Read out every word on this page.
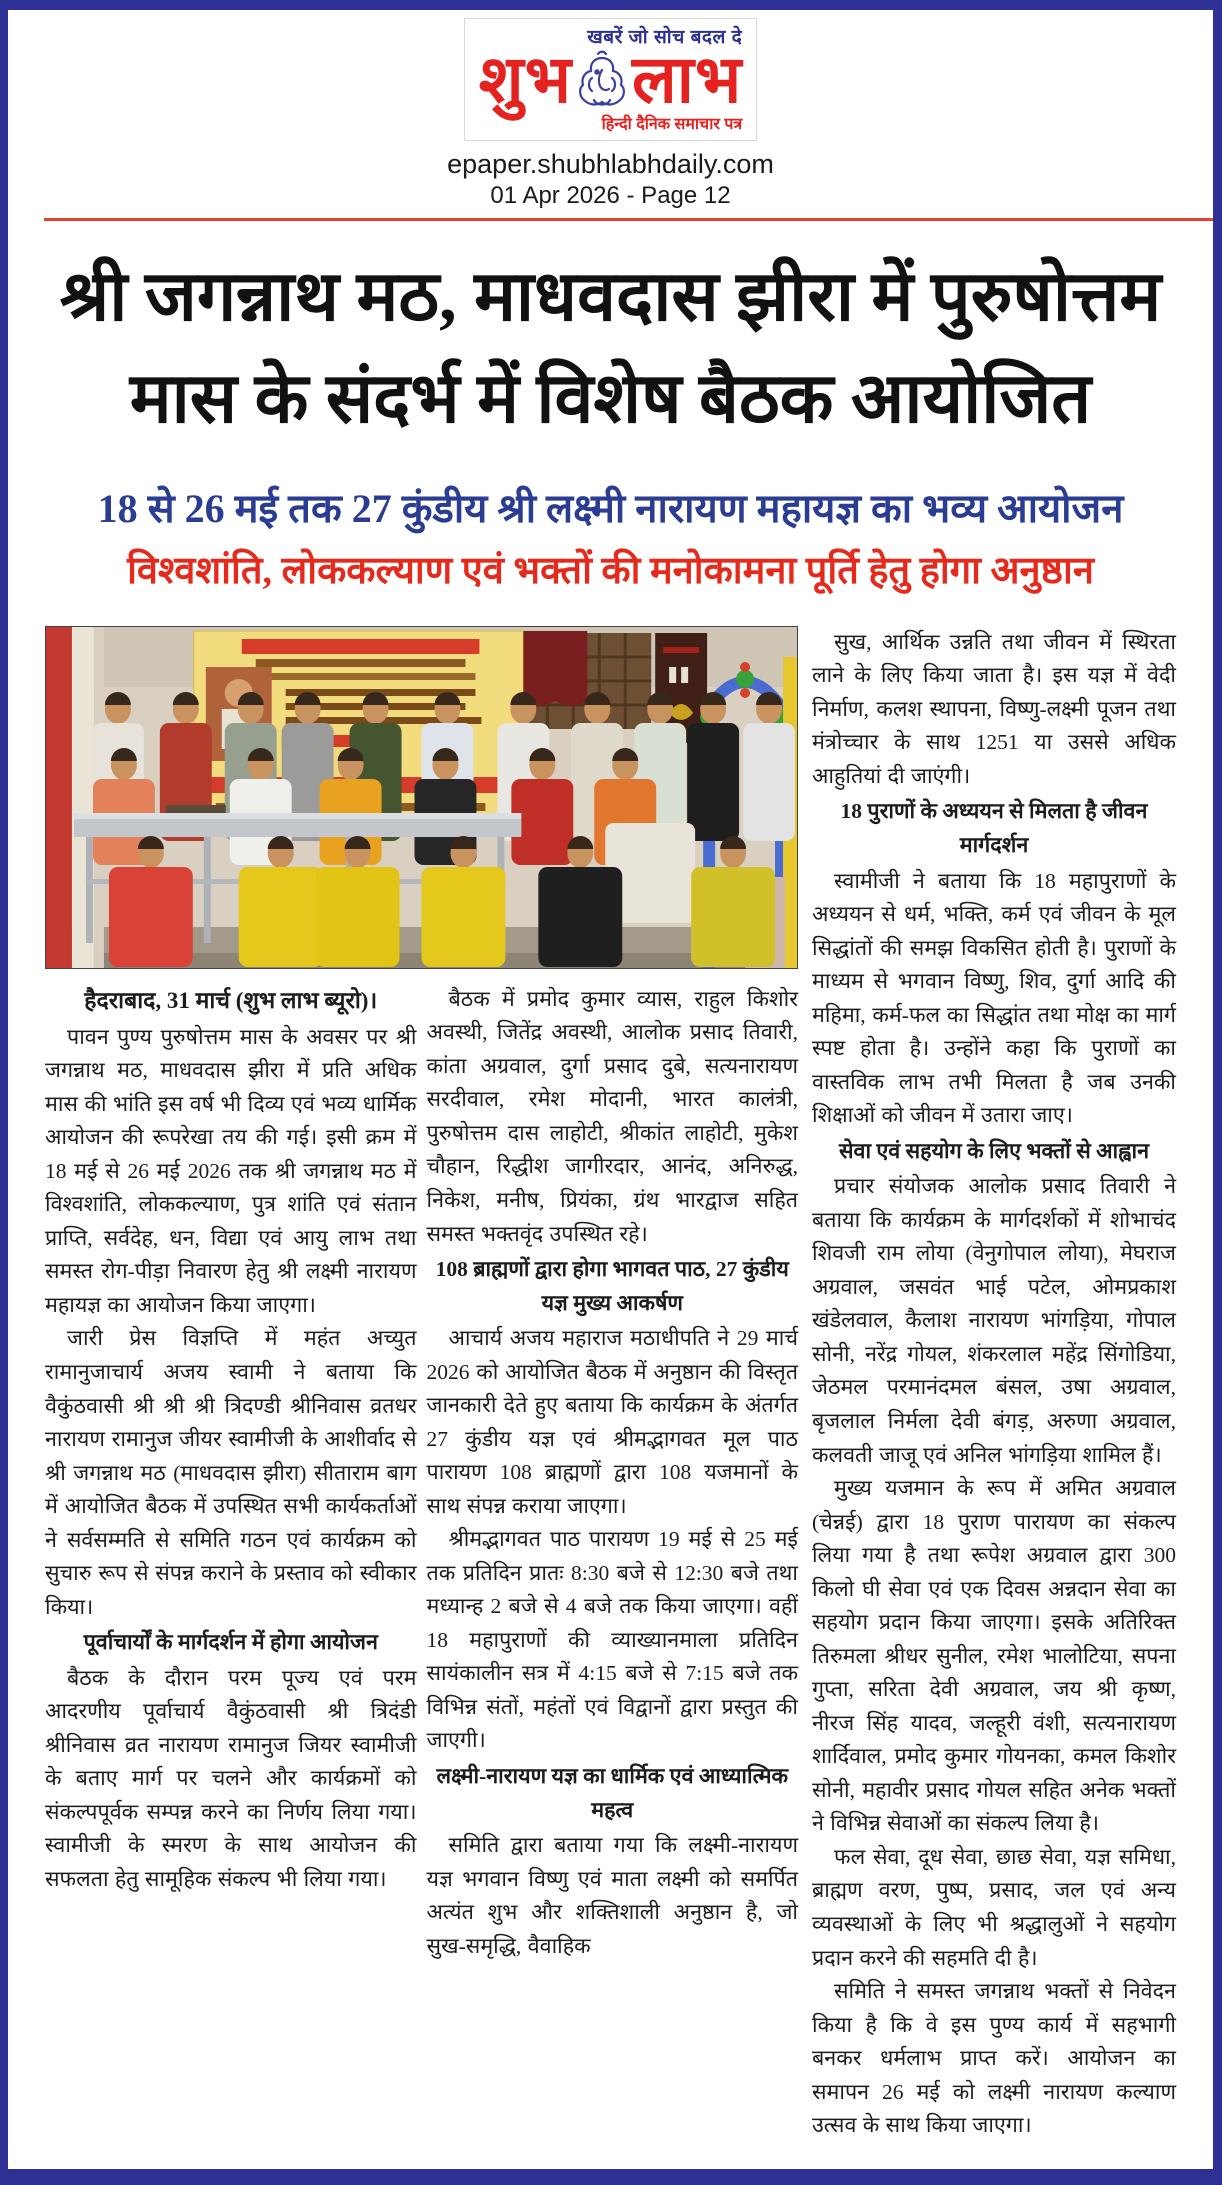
खबरें जो सोच बदल दे
शुभ लाभ
हिन्दी दैनिक समाचार पत्र
epaper.shubhlabhdaily.com
01 Apr 2026 - Page 12
श्री जगन्नाथ मठ, माधवदास झीरा में पुरुषोत्तम
मास के संदर्भ में विशेष बैठक आयोजित
18 से 26 मई तक 27 कुंडीय श्री लक्ष्मी नारायण महायज्ञ का भव्य आयोजन
विश्वशांति, लोककल्याण एवं भक्तों की मनोकामना पूर्ति हेतु होगा अनुष्ठान
हैदराबाद, 31 मार्च (शुभ लाभ ब्यूरो)।
पावन पुण्य पुरुषोत्तम मास के अवसर पर श्री जगन्नाथ मठ, माधवदास झीरा में प्रति अधिक मास की भांति इस वर्ष भी दिव्य एवं भव्य धार्मिक आयोजन की रूपरेखा तय की गई। इसी क्रम में 18 मई से 26 मई 2026 तक श्री जगन्नाथ मठ में विश्वशांति, लोककल्याण, पुत्र शांति एवं संतान प्राप्ति, सर्वदेह, धन, विद्या एवं आयु लाभ तथा समस्त रोग-पीड़ा निवारण हेतु श्री लक्ष्मी नारायण महायज्ञ का आयोजन किया जाएगा।
जारी प्रेस विज्ञप्ति में महंत अच्युत रामानुजाचार्य अजय स्वामी ने बताया कि वैकुंठवासी श्री श्री श्री त्रिदण्डी श्रीनिवास व्रतधर नारायण रामानुज जीयर स्वामीजी के आशीर्वाद से श्री जगन्नाथ मठ (माधवदास झीरा) सीताराम बाग में आयोजित बैठक में उपस्थित सभी कार्यकर्ताओं ने सर्वसम्मति से समिति गठन एवं कार्यक्रम को सुचारु रूप से संपन्न कराने के प्रस्ताव को स्वीकार किया।
पूर्वाचार्यों के मार्गदर्शन में होगा आयोजन
बैठक के दौरान परम पूज्य एवं परम आदरणीय पूर्वाचार्य वैकुंठवासी श्री त्रिदंडी श्रीनिवास व्रत नारायण रामानुज जियर स्वामीजी के बताए मार्ग पर चलने और कार्यक्रमों को संकल्पपूर्वक सम्पन्न करने का निर्णय लिया गया। स्वामीजी के स्मरण के साथ आयोजन की सफलता हेतु सामूहिक संकल्प भी लिया गया।
बैठक में प्रमोद कुमार व्यास, राहुल किशोर अवस्थी, जितेंद्र अवस्थी, आलोक प्रसाद तिवारी, कांता अग्रवाल, दुर्गा प्रसाद दुबे, सत्यनारायण सरदीवाल, रमेश मोदानी, भारत कालंत्री, पुरुषोत्तम दास लाहोटी, श्रीकांत लाहोटी, मुकेश चौहान, रिद्धीश जागीरदार, आनंद, अनिरुद्ध, निकेश, मनीष, प्रियंका, ग्रंथ भारद्वाज सहित समस्त भक्तवृंद उपस्थित रहे।
108 ब्राह्मणों द्वारा होगा भागवत पाठ, 27 कुंडीय यज्ञ मुख्य आकर्षण
आचार्य अजय महाराज मठाधीपति ने 29 मार्च 2026 को आयोजित बैठक में अनुष्ठान की विस्तृत जानकारी देते हुए बताया कि कार्यक्रम के अंतर्गत 27 कुंडीय यज्ञ एवं श्रीमद्भागवत मूल पाठ पारायण 108 ब्राह्मणों द्वारा 108 यजमानों के साथ संपन्न कराया जाएगा।
श्रीमद्भागवत पाठ पारायण 19 मई से 25 मई तक प्रतिदिन प्रातः 8:30 बजे से 12:30 बजे तथा मध्यान्ह 2 बजे से 4 बजे तक किया जाएगा। वहीं 18 महापुराणों की व्याख्यानमाला प्रतिदिन सायंकालीन सत्र में 4:15 बजे से 7:15 बजे तक विभिन्न संतों, महंतों एवं विद्वानों द्वारा प्रस्तुत की जाएगी।
लक्ष्मी-नारायण यज्ञ का धार्मिक एवं आध्यात्मिक महत्व
समिति द्वारा बताया गया कि लक्ष्मी-नारायण यज्ञ भगवान विष्णु एवं माता लक्ष्मी को समर्पित अत्यंत शुभ और शक्तिशाली अनुष्ठान है, जो सुख-समृद्धि, वैवाहिक
सुख, आर्थिक उन्नति तथा जीवन में स्थिरता लाने के लिए किया जाता है। इस यज्ञ में वेदी निर्माण, कलश स्थापना, विष्णु-लक्ष्मी पूजन तथा मंत्रोच्चार के साथ 1251 या उससे अधिक आहुतियां दी जाएंगी।
18 पुराणों के अध्ययन से मिलता है जीवन मार्गदर्शन
स्वामीजी ने बताया कि 18 महापुराणों के अध्ययन से धर्म, भक्ति, कर्म एवं जीवन के मूल सिद्धांतों की समझ विकसित होती है। पुराणों के माध्यम से भगवान विष्णु, शिव, दुर्गा आदि की महिमा, कर्म-फल का सिद्धांत तथा मोक्ष का मार्ग स्पष्ट होता है। उन्होंने कहा कि पुराणों का वास्तविक लाभ तभी मिलता है जब उनकी शिक्षाओं को जीवन में उतारा जाए।
सेवा एवं सहयोग के लिए भक्तों से आह्वान
प्रचार संयोजक आलोक प्रसाद तिवारी ने बताया कि कार्यक्रम के मार्गदर्शकों में शोभाचंद शिवजी राम लोया (वेनुगोपाल लोया), मेघराज अग्रवाल, जसवंत भाई पटेल, ओमप्रकाश खंडेलवाल, कैलाश नारायण भांगड़िया, गोपाल सोनी, नरेंद्र गोयल, शंकरलाल महेंद्र सिंगोडिया, जेठमल परमानंदमल बंसल, उषा अग्रवाल, बृजलाल निर्मला देवी बंगड़, अरुणा अग्रवाल, कलवती जाजू एवं अनिल भांगड़िया शामिल हैं।
मुख्य यजमान के रूप में अमित अग्रवाल (चेन्नई) द्वारा 18 पुराण पारायण का संकल्प लिया गया है तथा रूपेश अग्रवाल द्वारा 300 किलो घी सेवा एवं एक दिवस अन्नदान सेवा का सहयोग प्रदान किया जाएगा। इसके अतिरिक्त तिरुमला श्रीधर सुनील, रमेश भालोटिया, सपना गुप्ता, सरिता देवी अग्रवाल, जय श्री कृष्ण, नीरज सिंह यादव, जल्हूरी वंशी, सत्यनारायण शार्दिवाल, प्रमोद कुमार गोयनका, कमल किशोर सोनी, महावीर प्रसाद गोयल सहित अनेक भक्तों ने विभिन्न सेवाओं का संकल्प लिया है।
फल सेवा, दूध सेवा, छाछ सेवा, यज्ञ समिधा, ब्राह्मण वरण, पुष्प, प्रसाद, जल एवं अन्य व्यवस्थाओं के लिए भी श्रद्धालुओं ने सहयोग प्रदान करने की सहमति दी है।
समिति ने समस्त जगन्नाथ भक्तों से निवेदन किया है कि वे इस पुण्य कार्य में सहभागी बनकर धर्मलाभ प्राप्त करें। आयोजन का समापन 26 मई को लक्ष्मी नारायण कल्याण उत्सव के साथ किया जाएगा।
